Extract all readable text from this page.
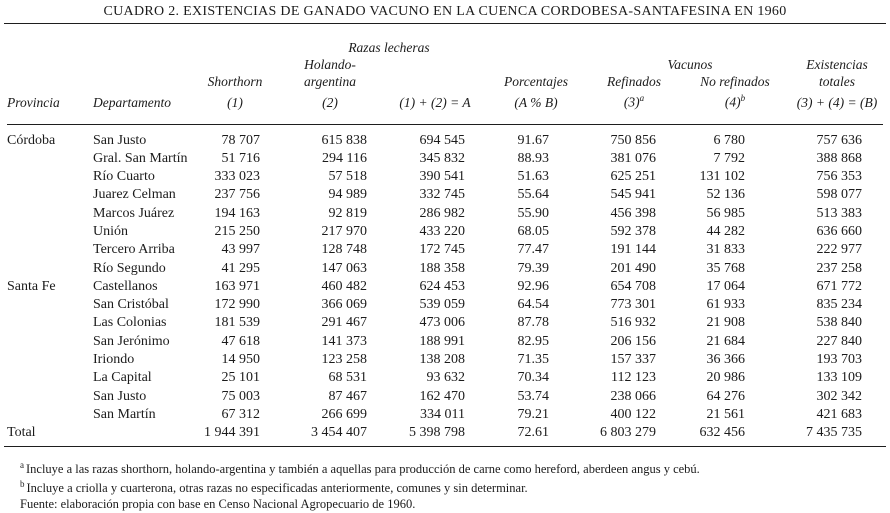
CUADRO 2. EXISTENCIAS DE GANADO VACUNO EN LA CUENCA CORDOBESA-SANTAFESINA EN 1960
			Razas lecheras					
			Holando-			Vacunos		Existencias
		Shorthorn	argentina		Porcentajes	Refinados	No refinados	totales
Provincia	Departamento	(1)	(2)	(1) + (2) = A	(A % B)	$(3)^a$	$(4)^b$	(3) + (4) = (B)
Córdoba	San Justo	78 707	615 838	694 545	91.67	750 856	6 780	757 636
	Gral. San Martín	51 716	294 116	345 832	88.93	381 076	7 792	388 868
	Río Cuarto	333 023	57 518	390 541	51.63	625 251	131 102	756 353
	Juarez Celman	237 756	94 989	332 745	55.64	545 941	52 136	598 077
	Marcos Juárez	194 163	92 819	286 982	55.90	456 398	56 985	513 383
	Unión	215 250	217 970	433 220	68.05	592 378	44 282	636 660
	Tercero Arriba	43 997	128 748	172 745	77.47	191 144	31 833	222 977
	Río Segundo	41 295	147 063	188 358	79.39	201 490	35 768	237 258
Santa Fe	Castellanos	163 971	460 482	624 453	92.96	654 708	17 064	671 772
	San Cristóbal	172 990	366 069	539 059	64.54	773 301	61 933	835 234
	Las Colonias	181 539	291 467	473 006	87.78	516 932	21 908	538 840
	San Jerónimo	47 618	141 373	188 991	82.95	206 156	21 684	227 840
	Iriondo	14 950	123 258	138 208	71.35	157 337	36 366	193 703
	La Capital	25 101	68 531	93 632	70.34	112 123	20 986	133 109
	San Justo	75 003	87 467	162 470	53.74	238 066	64 276	302 342
	San Martín	67 312	266 699	334 011	79.21	400 122	21 561	421 683
Total		1 944 391	3 454 407	5 398 798	72.61	6 803 279	632 456	7 435 735
$^a$ Incluye a las razas shorthorn, holando-argentina y también a aquellas para producción de carne como hereford, aberdeen angus y cebú.
$^b$ Incluye a criolla y cuarterona, otras razas no especificadas anteriormente, comunes y sin determinar.
Fuente: elaboración propia con base en Censo Nacional Agropecuario de 1960.
